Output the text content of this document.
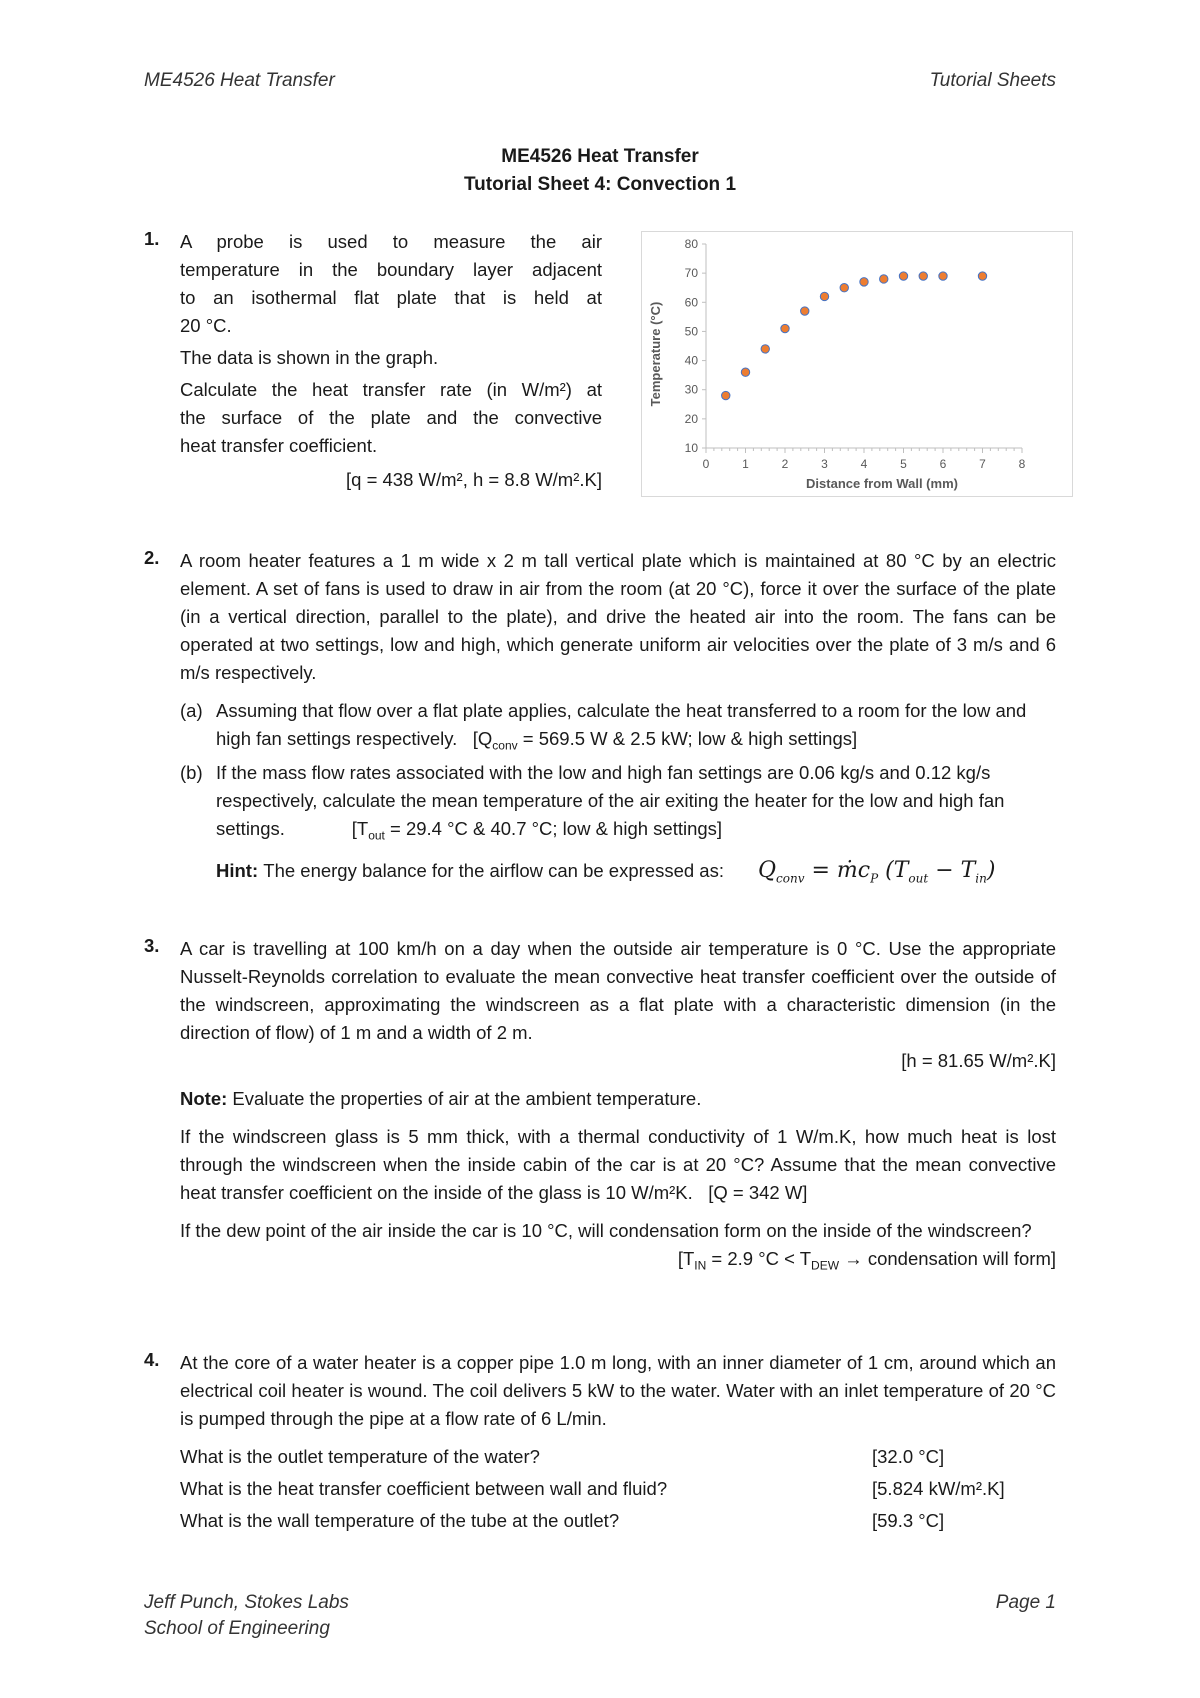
ME4526 Heat Transfer	Tutorial Sheets
ME4526 Heat Transfer
Tutorial Sheet 4: Convection 1
1. A probe is used to measure the air

temperature in the boundary layer adjacent

to an isothermal flat plate that is held at

20 °C.

The data is shown in the graph.

Calculate the heat transfer rate (in W/m²) at

the surface of the plate and the convective

heat transfer coefficient.

[q = 438 W/m², h = 8.8 W/m².K]

10
20
30
40
50
60
70
80
0	1	2	3	4	5	6	7	8
Distance from Wall (mm)
Temperature (°C)
2. A room heater features a 1 m wide x 2 m tall vertical plate which is maintained at 80 °C by an electric element. A set of fans is used to draw in air from the room (at 20 °C), force it over the surface of the plate (in a vertical direction, parallel to the plate), and drive the heated air into the room. The fans can be operated at two settings, low and high, which generate uniform air velocities over the plate of 3 m/s and 6 m/s respectively.

(a) Assuming that flow over a flat plate applies, calculate the heat transferred to a room for the low and high fan settings respectively. [$Q_{conv} = 569.5$ W & 2.5 kW; low & high settings]
(b) If the mass flow rates associated with the low and high fan settings are 0.06 kg/s and 0.12 kg/s respectively, calculate the mean temperature of the air exiting the heater for the low and high fan settings.	[$T_{out} = 29.4$ °C & 40.7 °C; low & high settings]
Hint:
The energy balance for the airflow can be expressed as: $Q_{conv}$ = ṁc$_P$ $(T_{out} - T_{in})$
3. A car is travelling at 100 km/h on a day when the outside air temperature is 0 °C. Use the appropriate Nusselt-Reynolds correlation to evaluate the mean convective heat transfer coefficient over the outside of the windscreen, approximating the windscreen as a flat plate with a characteristic dimension (in the direction of flow) of 1 m and a width of 2 m.

[h = 81.65 W/m².K]

Note: Evaluate the properties of air at the ambient temperature.

If the windscreen glass is 5 mm thick, with a thermal conductivity of 1 W/m.K, how much heat is lost through the windscreen when the inside cabin of the car is at 20 °C? Assume that the mean convective heat transfer coefficient on the inside of the glass is 10 W/m²K. [Q = 342 W]

If the dew point of the air inside the car is 10 °C, will condensation form on the inside of the windscreen?

[$T_{IN} = 2.9$ $^\circ C < T_{DEW}$ → condensation will form]

4. At the core of a water heater is a copper pipe 1.0 m long, with an inner diameter of 1 cm, around which an electrical coil heater is wound. The coil delivers 5 kW to the water. Water with an inlet temperature of 20 °C is pumped through the pipe at a flow rate of 6 L/min.

What is the outlet temperature of the water?	[32.0 °C]
What is the heat transfer coefficient between wall and fluid?	[5.824 kW/m².K]
What is the wall temperature of the tube at the outlet?	[59.3 °C]
Jeff Punch, Stokes Labs
School of Engineering
Page 1
